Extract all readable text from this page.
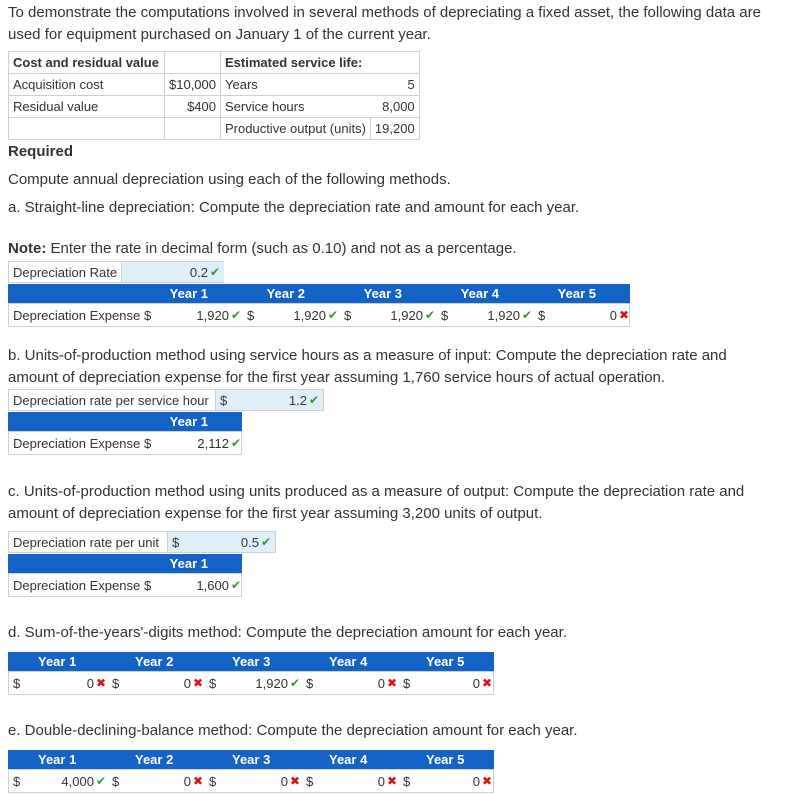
To demonstrate the computations involved in several methods of depreciating a fixed asset, the following data are used for equipment purchased on January 1 of the current year.
Cost and residual value		Estimated service life:	
Acquisition cost	$10,000	Years	5
Residual value	$400	Service hours	8,000
		Productive output (units)	19,200
Required
Compute annual depreciation using each of the following methods.
a. Straight-line depreciation: Compute the depreciation rate and amount for each year.
Note: Enter the rate in decimal form (such as 0.10) and not as a percentage.
Depreciation Rate	0.2 ✔
Year 1	Year 2	Year 3	Year 4	Year 5
Depreciation Expense $	1,920 ✔ $	1,920 ✔ $	1,920 ✔ $	1,920 ✔ $	0 ✖
b. Units-of-production method using service hours as a measure of input: Compute the depreciation rate and amount of depreciation expense for the first year assuming 1,760 service hours of actual operation.
Depreciation rate per service hour $	1.2 ✔
Year 1
Depreciation Expense $	2,112 ✔
c. Units-of-production method using units produced as a measure of output: Compute the depreciation rate and amount of depreciation expense for the first year assuming 3,200 units of output.
Depreciation rate per unit	$	0.5 ✔
Year 1
Depreciation Expense $	1,600 ✔
d. Sum-of-the-years'-digits method: Compute the depreciation amount for each year.
Year 1	Year 2	Year 3	Year 4	Year 5
$	0 ✖ $	0 ✖ $	1,920 ✔ $	0 ✖ $	0 ✖
e. Double-declining-balance method: Compute the depreciation amount for each year.
Year 1	Year 2	Year 3	Year 4	Year 5
$	4,000 ✔ $	0 ✖ $	0 ✖ $	0 ✖ $	0 ✖
